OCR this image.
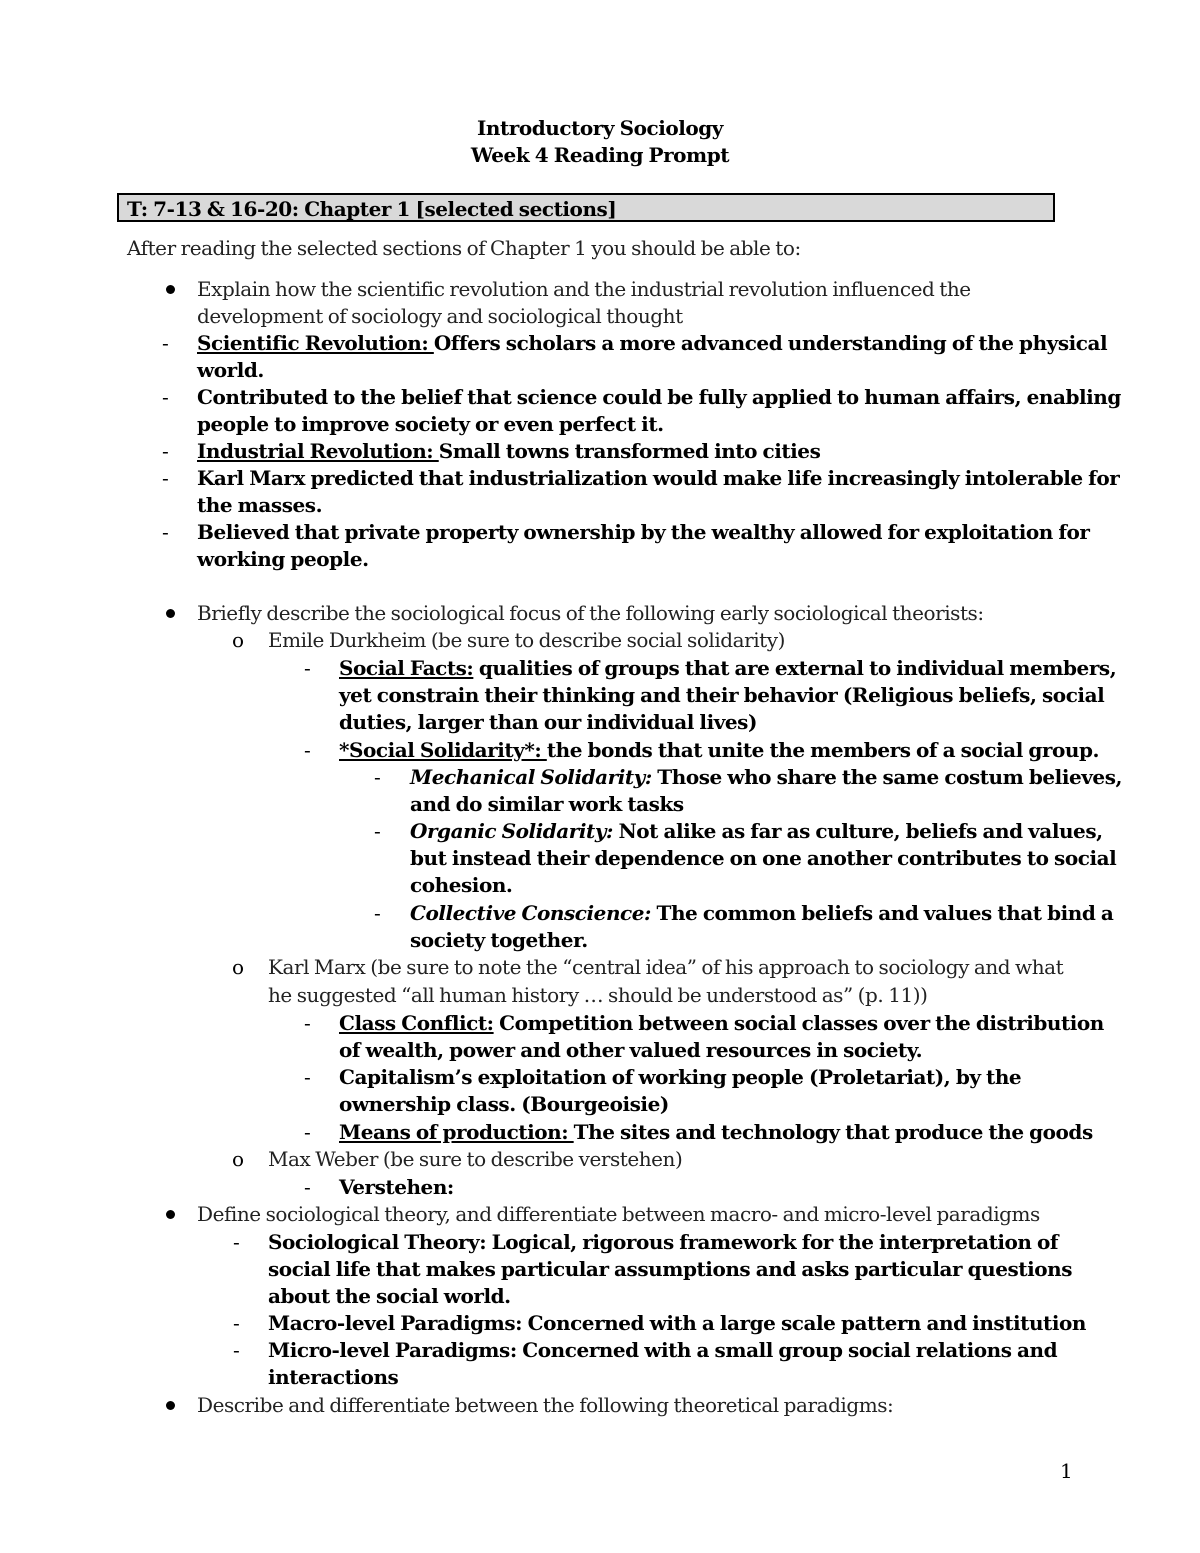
Introductory Sociology
Week 4 Reading Prompt
T: 7-13 & 16-20: Chapter 1 [selected sections]
After reading the selected sections of Chapter 1 you should be able to:
Explain how the scientific revolution and the industrial revolution influenced the
development of sociology and sociological thought
- Scientific Revolution: Offers scholars a more advanced understanding of the physical
world.
- Contributed to the belief that science could be fully applied to human affairs, enabling
people to improve society or even perfect it.
- Industrial Revolution: Small towns transformed into cities
- Karl Marx predicted that industrialization would make life increasingly intolerable for
the masses.
- Believed that private property ownership by the wealthy allowed for exploitation for
working people.
Briefly describe the sociological focus of the following early sociological theorists:
o Emile Durkheim (be sure to describe social solidarity)
- Social Facts: qualities of groups that are external to individual members,
yet constrain their thinking and their behavior (Religious beliefs, social
duties, larger than our individual lives)
- *Social Solidarity*: the bonds that unite the members of a social group.
- Mechanical Solidarity: Those who share the same costum believes,
and do similar work tasks
- Organic Solidarity: Not alike as far as culture, beliefs and values,
but instead their dependence on one another contributes to social
cohesion.
- Collective Conscience: The common beliefs and values that bind a
society together.
o Karl Marx (be sure to note the “central idea” of his approach to sociology and what
he suggested “all human history … should be understood as” (p. 11))
- Class Conflict: Competition between social classes over the distribution
of wealth, power and other valued resources in society.
- Capitalism’s exploitation of working people (Proletariat), by the
ownership class. (Bourgeoisie)
- Means of production: The sites and technology that produce the goods
o Max Weber (be sure to describe verstehen)
- Verstehen:
Define sociological theory, and differentiate between macro- and micro-level paradigms
- Sociological Theory: Logical, rigorous framework for the interpretation of
social life that makes particular assumptions and asks particular questions
about the social world.
- Macro-level Paradigms: Concerned with a large scale pattern and institution
- Micro-level Paradigms: Concerned with a small group social relations and
interactions
Describe and differentiate between the following theoretical paradigms:
1
